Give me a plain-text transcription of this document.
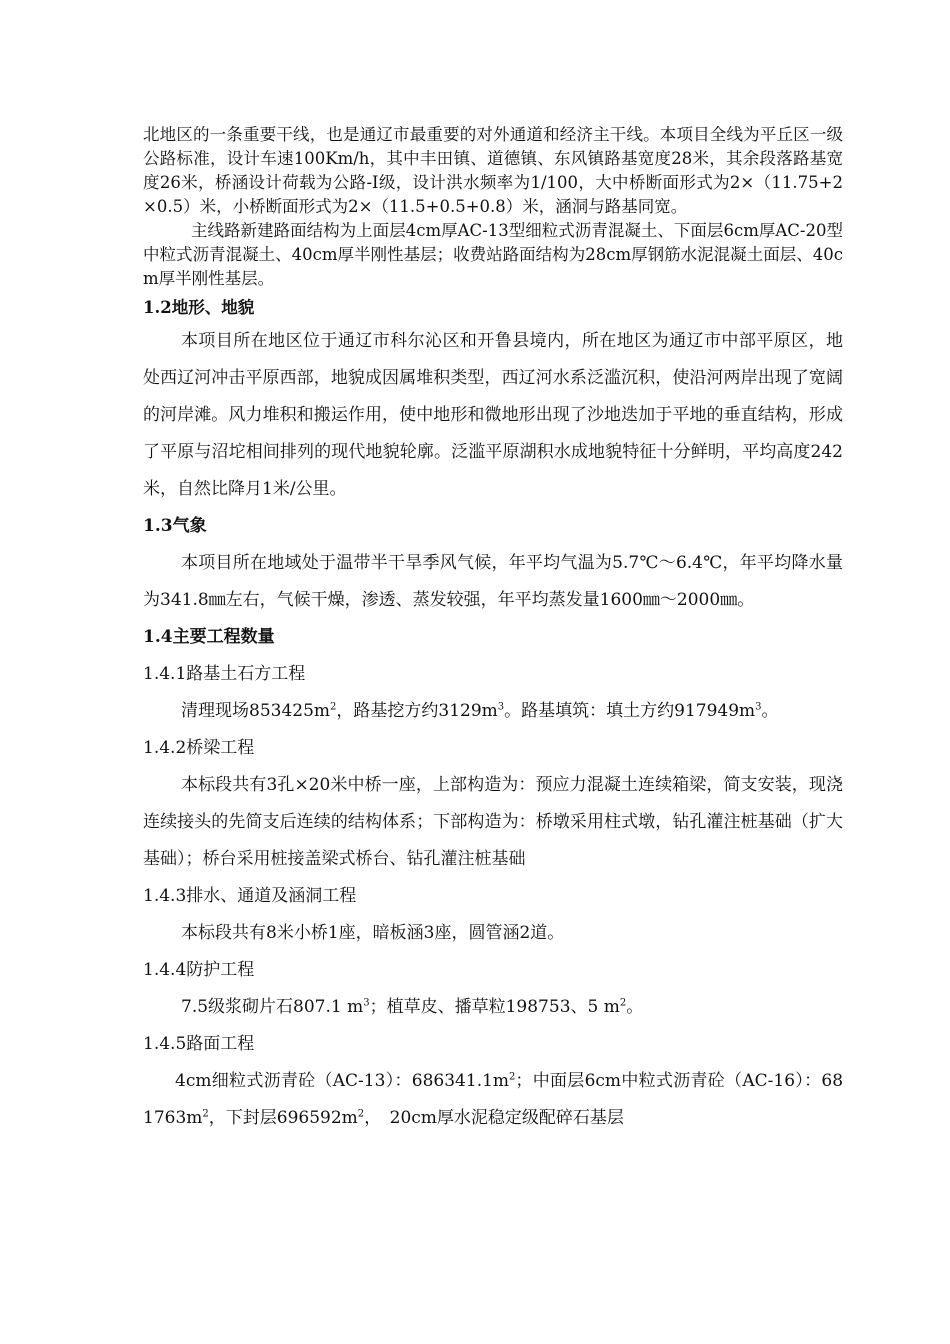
北地区的一条重要干线，也是通辽市最重要的对外通道和经济主干线。本项目全线为平丘区一级公路标准，设计车速100Km/h，其中丰田镇、道德镇、东风镇路基宽度28米，其余段落路基宽度26米，桥涵设计荷载为公路-I级，设计洪水频率为1/100，大中桥断面形式为2×（11.75+2×0.5）米，小桥断面形式为2×（11.5+0.5+0.8）米，涵洞与路基同宽。

主线路新建路面结构为上面层4cm厚AC-13型细粒式沥青混凝土、下面层6cm厚AC-20型中粒式沥青混凝土、40cm厚半刚性基层；收费站路面结构为28cm厚钢筋水泥混凝土面层、40cm厚半刚性基层。

1.2地形、地貌

本项目所在地区位于通辽市科尔沁区和开鲁县境内，所在地区为通辽市中部平原区，地处西辽河冲击平原西部，地貌成因属堆积类型，西辽河水系泛滥沉积，使沿河两岸出现了宽阔的河岸滩。风力堆积和搬运作用，使中地形和微地形出现了沙地迭加于平地的垂直结构，形成了平原与沼坨相间排列的现代地貌轮廓。泛滥平原湖积水成地貌特征十分鲜明，平均高度242米，自然比降月1米/公里。

1.3气象

本项目所在地域处于温带半干旱季风气候，年平均气温为5.7℃～6.4℃，年平均降水量为341.8㎜左右，气候干燥，渗透、蒸发较强，年平均蒸发量1600㎜～2000㎜。

1.4主要工程数量
1.4.1路基土石方工程

清理现场$853425m^2$，路基挖方约$3129m^3$。路基填筑：填土方约$917949m^3$。

1.4.2桥梁工程

本标段共有3孔×20米中桥一座，上部构造为：预应力混凝土连续箱梁，简支安装，现浇连续接头的先简支后连续的结构体系；下部构造为：桥墩采用柱式墩，钻孔灌注桩基础（扩大基础）；桥台采用桩接盖梁式桥台、钻孔灌注桩基础

1.4.3排水、通道及涵洞工程

本标段共有8米小桥1座，暗板涵3座，圆管涵2道。

1.4.4防护工程

7.5级浆砌片石807.1 $m^3$；植草皮、播草粒198753、5 $m^2$。

1.4.5路面工程

4cm细粒式沥青砼（AC-13）：$686341.1m^2$；中面层6cm中粒式沥青砼（AC-16）：$681763m^2$，下封层$696592m^2$，　20cm厚水泥稳定级配碎石基层
